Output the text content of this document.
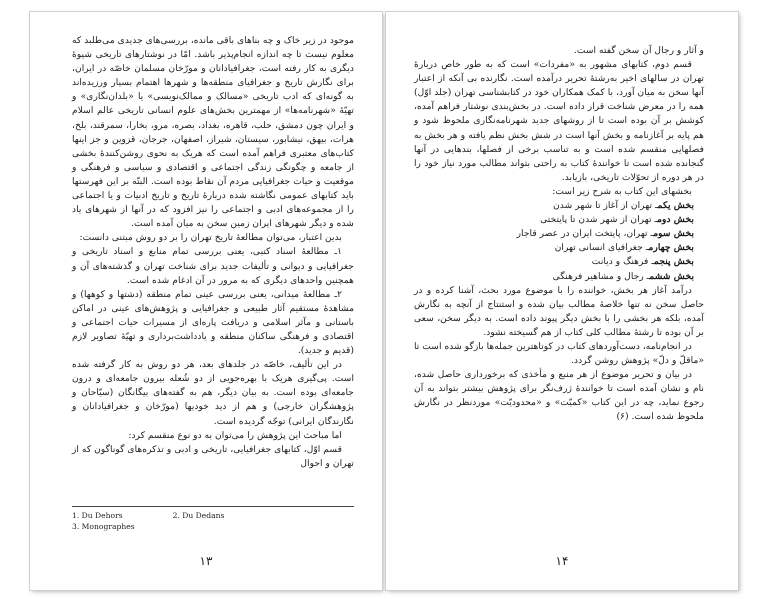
موجود در زیر خاک و چه بناهای باقی مانده، بررسی‌های جدیدی می‌طلبد که معلوم نیست تا چه اندازه انجام‌پذیر باشد. امّا در نوشتارهای تاریخی شیوهٔ دیگری به کار رفته است، جغرافیادانان و مورّخان مسلمان خاصّه در ایران، برای نگارش تاریخ و جغرافیای منطقه‌ها و شهرها اهتمام بسیار ورزیده‌اند به گونه‌ای که ادب تاریخی «مسالک و ممالک‌نویسی» یا «بلدان‌نگاری» و تهیّهٔ «شهرنامه‌ها» از مهمترین بخش‌های علوم انسانی تاریخی عالم اسلام و ایران چون دمشق، حلب، قاهره، بغداد، بصره، مرو، بخارا، سمرقند، بلخ، هرات، بیهق، نیشابور، سیستان، شیراز، اصفهان، جرجان، قزوین و جز اینها کتاب‌های معتبری فراهم آمده است که هریک به نحوی روشن‌کنندهٔ بخشی از جامعه و چگونگی زندگی اجتماعی و اقتصادی و سیاسی و فرهنگی و موقعیت و حیات جغرافیایی مردم آن نقاط بوده است. البتّه بر این فهرستها باید کتابهای عمومی نگاشته شده دربارهٔ تاریخ و تاریخ ادبیات و یا اجتماعی را از مجموعه‌های ادبی و اجتماعی را نیز افزود که در آنها از شهرهای یاد شده و دیگر شهرهای ایران زمین سخن به میان آمده است.

بدین اعتبار، می‌توان مطالعهٔ تاریخ تهران را بر دو روش مبتنی دانست:

۱ـ مطالعهٔ اسناد کتبی، یعنی بررسی تمام منابع و اسناد تاریخی و جغرافیایی و دیوانی و تألیفات جدید برای شناخت تهران و گذشته‌های آن و همچنین واحدهای دیگری که به مرور در آن ادغام شده است.

۲ـ مطالعهٔ میدانی، یعنی بررسی عینی تمام منطقه (دشتها و کوهها) و مشاهدهٔ مستقیم آثار طبیعی و جغرافیایی و پژوهش‌های عینی در اماکن باستانی و مآثر اسلامی و دریافت پاره‌ای از مسیرات حیات اجتماعی و اقتصادی و فرهنگی ساکنان منطقه و یادداشت‌برداری و تهیّهٔ تصاویر لازم (قدیم و جدید).

در این تألیف، خاصّه در جلدهای بعد، هر دو روش به کار گرفته شده است. پی‌گیری هریک با بهره‌جویی از دو شُعله بیرون جامعه‌ای و درون جامعه‌ای بوده است. به بیان دیگر، هم به گفته‌های بیگانگان (سیّاحان و پژوهشگران خارجی) و هم از دید خودیها (مورّخان و جغرافیادانان و نگارندگان ایرانی) توجّه گردیده است.

اما مباحث این پژوهش را می‌توان به دو نوع منقسم کرد:

قسم اوّل، کتابهای جغرافیایی، تاریخی و ادبی و تذکره‌های گوناگون که از تهران و احوال

1. Du Dehors	2. Du Dedans
3. Monographes
۱۳

و آثار و رجال آن سخن گفته است.

قسم دوم، کتابهای مشهور به «مفردات» است که به طور خاص دربارهٔ تهران در سالهای اخیر به‌رشتهٔ تحریر درآمده است. نگارنده بی آنکه از اعتبار آنها سخن به میان آورد، با کمک همکاران خود در کتابشناسی تهران (جلد اوّل) همه را در معرض شناخت قرار داده است. در بخش‌بندی نوشتار فراهم آمده، کوشش بر آن بوده است تا از روشهای جدید شهرنامه‌نگاری ملحوظ شود و هم پایه بر آغازنامه و بخش آنها است در شش بخش نظم یافته و هر بخش به فصلهایی منقسم شده است و به تناسب برخی از فصلها، بندهایی در آنها گنجانده شده است تا خوانندهٔ کتاب به راحتی بتواند مطالب مورد نیاز خود را در هر دوره از تحوّلات تاریخی، بازیابد.

بخشهای این کتاب به شرح زیر است:

بخش یکمـ تهران از آغاز تا شهر شدن
بخش دومـ تهران از شهر شدن تا پایتختی
بخش سومـ تهران، پایتخت ایران در عصر قاجار
بخش چهارمـ جغرافیای انسانی تهران
بخش پنجمـ فرهنگ و دیانت
بخش ششمـ رجال و مشاهیر فرهنگی

درآمد آغاز هر بخش، خواننده را با موضوع مورد بحث، آشنا کرده و در حاصل سخن نه تنها خلاصهٔ مطالب بیان شده و استنتاج از آنچه به نگارش آمده، بلکه هر بخشی را با بخش دیگر پیوند داده است. به دیگر سخن، سعی بر آن بوده تا رشتهٔ مطالب کلی کتاب از هم گسیخته نشود.

در انجام‌نامه، دست‌آوردهای کتاب در کوتاهترین جمله‌ها بازگو شده است تا «ماقلّ و دلّ» پژوهش روشن گردد.

در بیان و تحریر موضوع از هر منبع و مأخذی که برخورداری حاصل شده، نام و نشان آمده است تا خوانندهٔ ژرف‌نگر برای پژوهش بیشتر بتواند به آن رجوع نماید، چه در این کتاب «کمیّت» و «محدودیّت» موردنظر در نگارش ملحوظ شده است. (۶)

۱۴
